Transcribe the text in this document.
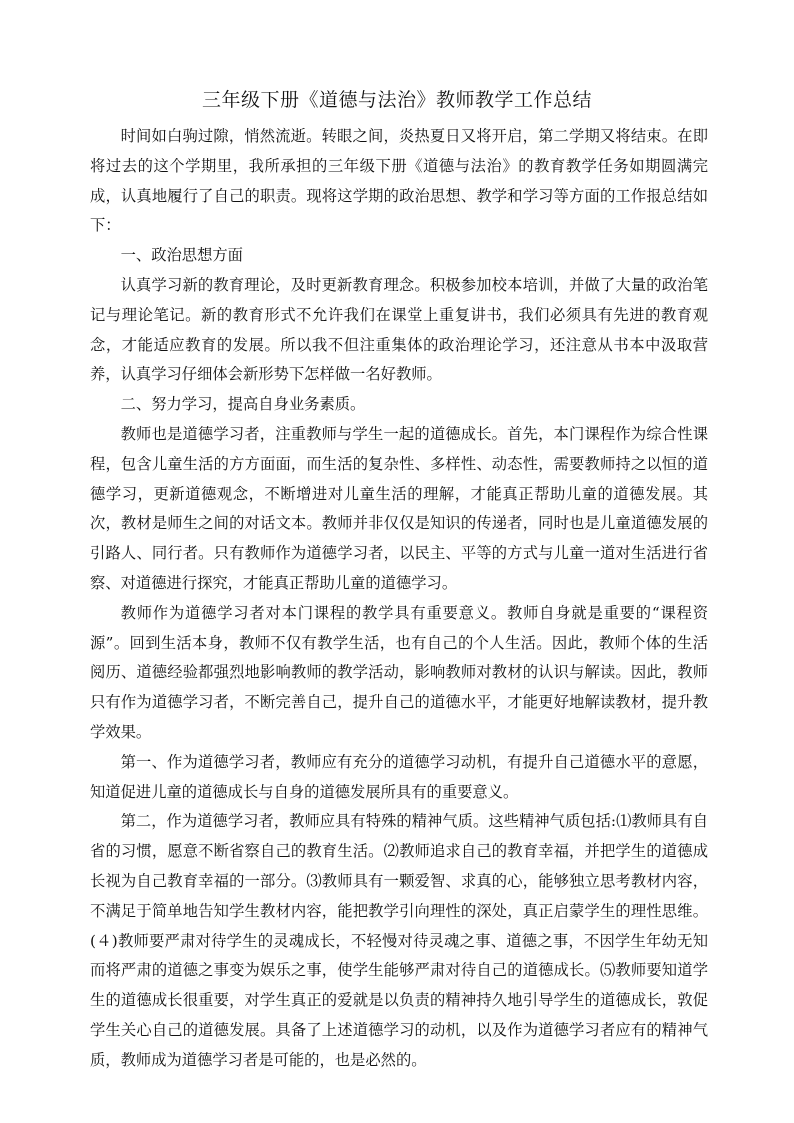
三年级下册《道德与法治》教师教学工作总结

时间如白驹过隙，悄然流逝。转眼之间，炎热夏日又将开启，第二学期又将结束。在即将过去的这个学期里，我所承担的三年级下册《道德与法治》的教育教学任务如期圆满完成，认真地履行了自己的职责。现将这学期的政治思想、教学和学习等方面的工作报总结如下：

一、政治思想方面

认真学习新的教育理论，及时更新教育理念。积极参加校本培训，并做了大量的政治笔记与理论笔记。新的教育形式不允许我们在课堂上重复讲书，我们必须具有先进的教育观念，才能适应教育的发展。所以我不但注重集体的政治理论学习，还注意从书本中汲取营养，认真学习仔细体会新形势下怎样做一名好教师。

二、努力学习，提高自身业务素质。

教师也是道德学习者，注重教师与学生一起的道德成长。首先，本门课程作为综合性课程，包含儿童生活的方方面面，而生活的复杂性、多样性、动态性，需要教师持之以恒的道德学习，更新道德观念，不断增进对儿童生活的理解，才能真正帮助儿童的道德发展。其次，教材是师生之间的对话文本。教师并非仅仅是知识的传递者，同时也是儿童道德发展的引路人、同行者。只有教师作为道德学习者，以民主、平等的方式与儿童一道对生活进行省察、对道德进行探究，才能真正帮助儿童的道德学习。

教师作为道德学习者对本门课程的教学具有重要意义。教师自身就是重要的“课程资源”。回到生活本身，教师不仅有教学生活，也有自己的个人生活。因此，教师个体的生活阅历、道德经验都强烈地影响教师的教学活动，影响教师对教材的认识与解读。因此，教师只有作为道德学习者，不断完善自己，提升自己的道德水平，才能更好地解读教材，提升教学效果。

第一、作为道德学习者，教师应有充分的道德学习动机，有提升自己道德水平的意愿，知道促进儿童的道德成长与自身的道德发展所具有的重要意义。

第二，作为道德学习者，教师应具有特殊的精神气质。这些精神气质包括:⑴教师具有自省的习惯，愿意不断省察自己的教育生活。⑵教师追求自己的教育幸福，并把学生的道德成长视为自己教育幸福的一部分。⑶教师具有一颗爱智、求真的心，能够独立思考教材内容，不满足于简单地告知学生教材内容，能把教学引向理性的深处，真正启蒙学生的理性思维。(４)教师要严肃对待学生的灵魂成长，不轻慢对待灵魂之事、道德之事，不因学生年幼无知而将严肃的道德之事变为娱乐之事，使学生能够严肃对待自己的道德成长。⑸教师要知道学生的道德成长很重要，对学生真正的爱就是以负责的精神持久地引导学生的道德成长，敦促学生关心自己的道德发展。具备了上述道德学习的动机，以及作为道德学习者应有的精神气质，教师成为道德学习者是可能的，也是必然的。
